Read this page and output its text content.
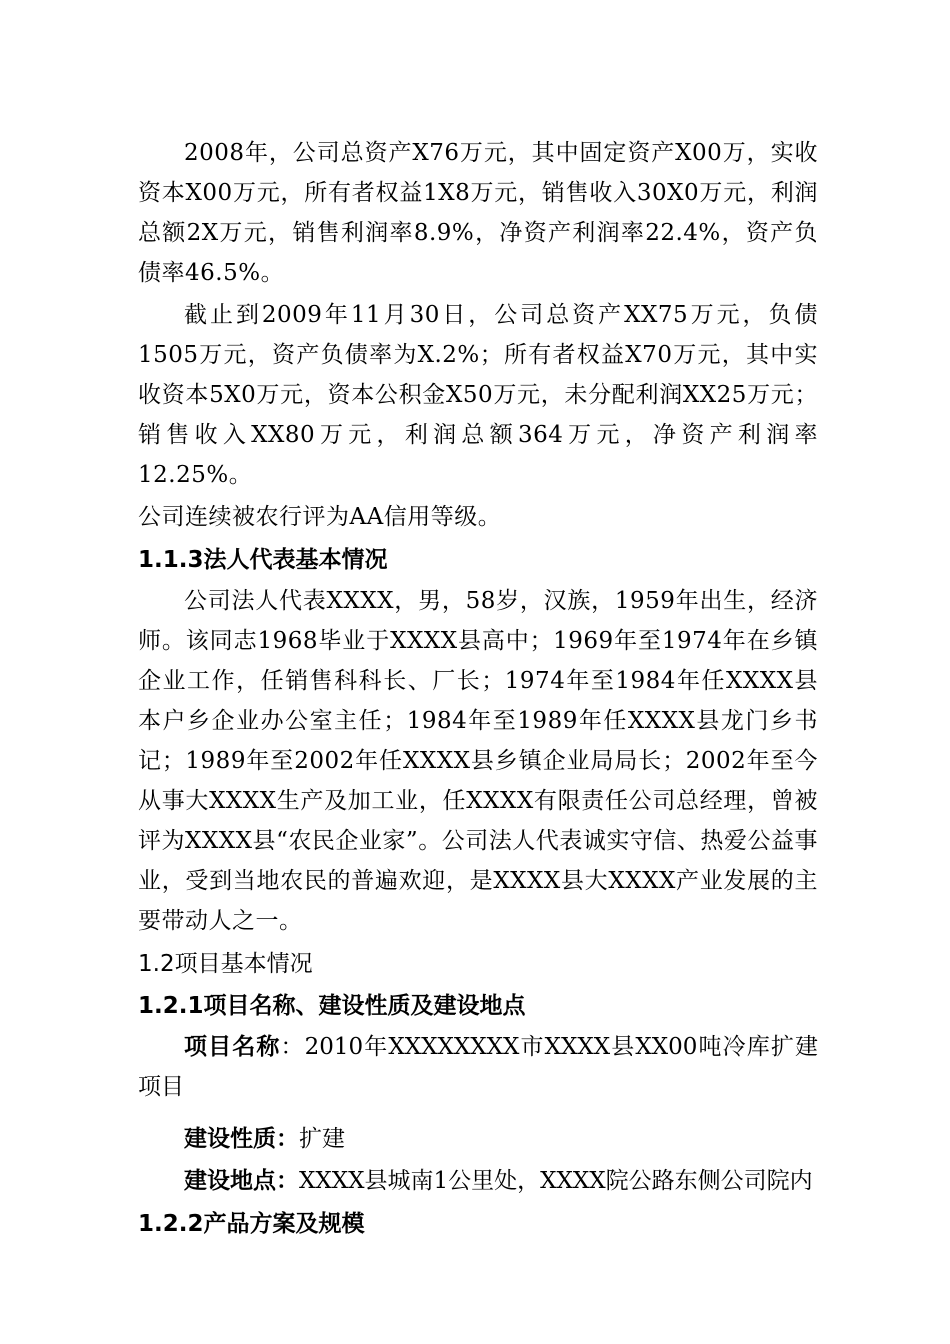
2008年，公司总资产X76万元，其中固定资产X00万，实收资本X00万元，所有者权益1X8万元，销售收入30X0万元，利润总额2X万元，销售利润率8.9%，净资产利润率22.4%，资产负债率46.5%。

截止到2009年11月30日，公司总资产XX75万元，负债1505万元，资产负债率为X.2%；所有者权益X70万元，其中实收资本5X0万元，资本公积金X50万元，未分配利润XX25万元；销售收入XX80万元，利润总额364万元，净资产利润率12.25%。

公司连续被农行评为AA信用等级。

1.1.3法人代表基本情况

公司法人代表XXXX，男，58岁，汉族，1959年出生，经济师。该同志1968毕业于XXXX县高中；1969年至1974年在乡镇企业工作，任销售科科长、厂长；1974年至1984年任XXXX县本户乡企业办公室主任；1984年至1989年任XXXX县龙门乡书记；1989年至2002年任XXXX县乡镇企业局局长；2002年至今从事大XXXX生产及加工业，任XXXX有限责任公司总经理，曾被评为XXXX县“农民企业家”。公司法人代表诚实守信、热爱公益事业，受到当地农民的普遍欢迎，是XXXX县大XXXX产业发展的主要带动人之一。

1.2项目基本情况
1.2.1项目名称、建设性质及建设地点

项目名称：2010年XXXXXXXX市XXXX县XX00吨冷库扩建项目

建设性质：扩建

建设地点：XXXX县城南1公里处，XXXX院公路东侧公司院内

1.2.2产品方案及规模
